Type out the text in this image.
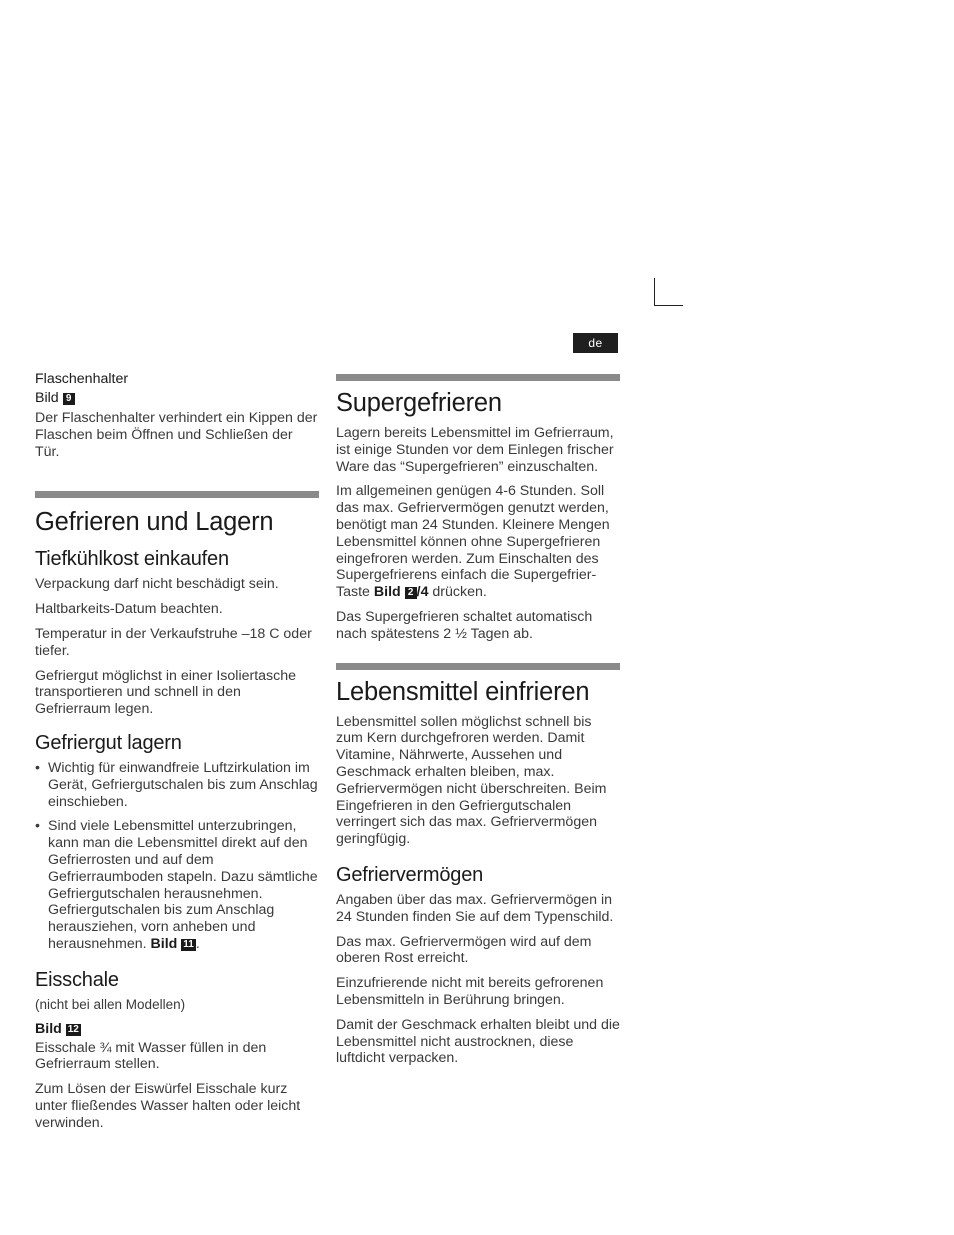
de
Flaschenhalter
Bild 9

Der Flaschenhalter verhindert ein Kippen der Flaschen beim Öffnen und Schließen der Tür.

Gefrieren und Lagern
Tiefkühlkost einkaufen

Verpackung darf nicht beschädigt sein.

Haltbarkeits-Datum beachten.

Temperatur in der Verkaufstruhe –18 C oder tiefer.

Gefriergut möglichst in einer Isoliertasche transportieren und schnell in den Gefrierraum legen.

Gefriergut lagern
• Wichtig für einwandfreie Luftzirkulation im Gerät, Gefriergutschalen bis zum Anschlag einschieben.
• Sind viele Lebensmittel unterzubringen, kann man die Lebensmittel direkt auf den Gefrierrosten und auf dem Gefrierraumboden stapeln. Dazu sämtliche Gefriergutschalen herausnehmen. Gefriergutschalen bis zum Anschlag herausziehen, vorn anheben und herausnehmen. Bild 11 .
Eisschale

(nicht bei allen Modellen)

Bild 12

Eisschale ¾ mit Wasser füllen in den Gefrierraum stellen.

Zum Lösen der Eiswürfel Eisschale kurz unter fließendes Wasser halten oder leicht verwinden.

Supergefrieren

Lagern bereits Lebensmittel im Gefrierraum, ist einige Stunden vor dem Einlegen frischer Ware das “Supergefrieren” einzuschalten.

Im allgemeinen genügen 4-6 Stunden. Soll das max. Gefriervermögen genutzt werden, benötigt man 24 Stunden. Kleinere Mengen Lebensmittel können ohne Supergefrieren eingefroren werden. Zum Einschalten des Supergefrierens einfach die Supergefrier-Taste Bild 2 /4 drücken.

Das Supergefrieren schaltet automatisch nach spätestens 2 ½ Tagen ab.

Lebensmittel einfrieren

Lebensmittel sollen möglichst schnell bis zum Kern durchgefroren werden. Damit Vitamine, Nährwerte, Aussehen und Geschmack erhalten bleiben, max. Gefriervermögen nicht überschreiten. Beim Eingefrieren in den Gefriergutschalen verringert sich das max. Gefriervermögen geringfügig.

Gefriervermögen

Angaben über das max. Gefriervermögen in 24 Stunden finden Sie auf dem Typenschild.

Das max. Gefriervermögen wird auf dem oberen Rost erreicht.

Einzufrierende nicht mit bereits gefrorenen Lebensmitteln in Berührung bringen.

Damit der Geschmack erhalten bleibt und die Lebensmittel nicht austrocknen, diese luftdicht verpacken.
